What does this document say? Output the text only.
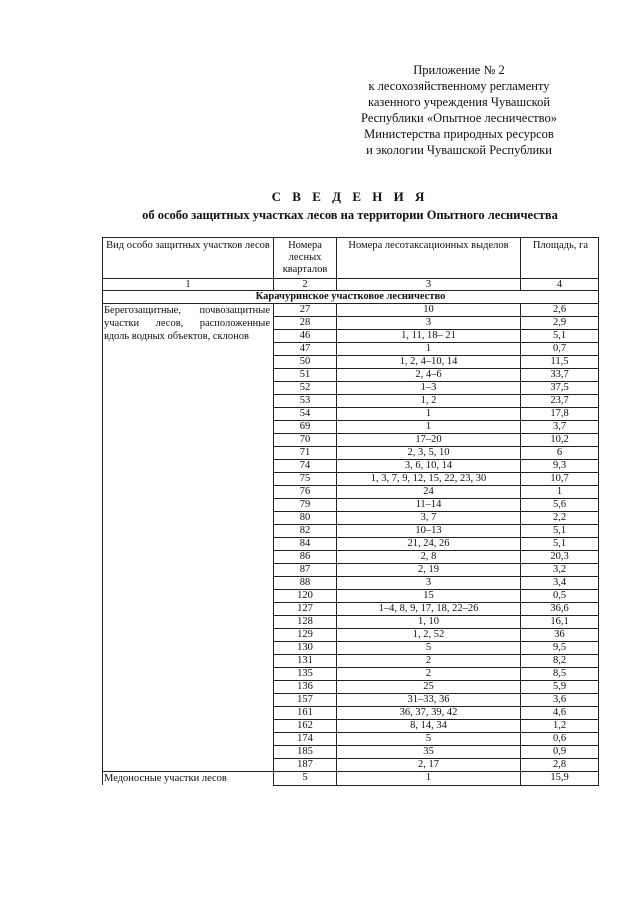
Приложение № 2
к лесохозяйственному регламенту
казенного учреждения Чувашской
Республики «Опытное лесничество»
Министерства природных ресурсов
и экологии Чувашской Республики
С В Е Д Е Н И Я
об особо защитных участках лесов на территории Опытного лесничества
Вид особо защитных участков лесов	Номера лесных кварталов	Номера лесотаксационных выделов	Площадь, га
1	2	3	4
Карачуринское участковое лесничество			
Берегозащитные, почвозащитные участки лесов, расположенные вдоль водных объектов, склонов	27	10	2,6
	28	3	2,9
	46	1, 11, 18– 21	5,1
	47	1	0,7
	50	1, 2, 4–10, 14	11,5
	51	2, 4–6	33,7
	52	1–3	37,5
	53	1, 2	23,7
	54	1	17,8
	69	1	3,7
	70	17–20	10,2
	71	2, 3, 5, 10	6
	74	3, 6, 10, 14	9,3
	75	1, 3, 7, 9, 12, 15, 22, 23, 30	10,7
	76	24	1
	79	11–14	5,6
	80	3, 7	2,2
	82	10–13	5,1
	84	21, 24, 26	5,1
	86	2, 8	20,3
	87	2, 19	3,2
	88	3	3,4
	120	15	0,5
	127	1–4, 8, 9, 17, 18, 22–26	36,6
	128	1, 10	16,1
	129	1, 2, 52	36
	130	5	9,5
	131	2	8,2
	135	2	8,5
	136	25	5,9
	157	31–33, 36	3,6
	161	36, 37, 39, 42	4,6
	162	8, 14, 34	1,2
	174	5	0,6
	185	35	0,9
	187	2, 17	2,8
Медоносные участки лесов	5	1	15,9
